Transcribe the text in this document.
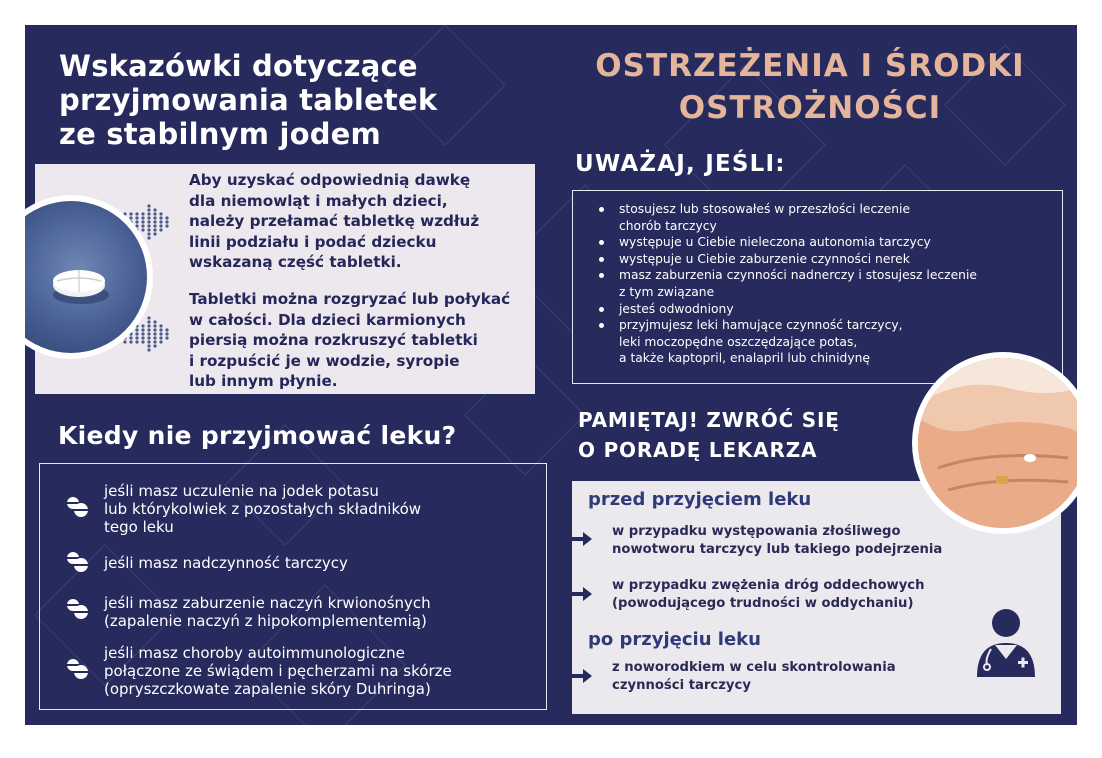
Wskazówki dotyczące
przyjmowania tabletek
ze stabilnym jodem
OSTRZEŻENIA I ŚRODKI
OSTROŻNOŚCI

Aby uzyskać odpowiednią dawkę
dla niemowląt i małych dzieci,
należy przełamać tabletkę wzdłuż
linii podziału i podać dziecku
wskazaną część tabletki.

Tabletki można rozgryzać lub połykać
w całości. Dla dzieci karmionych
piersią można rozkruszyć tabletki
i rozpuścić je w wodzie, syropie
lub innym płynie.

UWAŻAJ, JEŚLI:
stosujesz lub stosowałeś w przeszłości leczenie
chorób tarczycy
występuje u Ciebie nieleczona autonomia tarczycy
występuje u Ciebie zaburzenie czynności nerek
masz zaburzenia czynności nadnerczy i stosujesz leczenie
z tym związane
jesteś odwodniony
przyjmujesz leki hamujące czynność tarczycy,
leki moczopędne oszczędzające potas,
a także kaptopril, enalapril lub chinidynę
Kiedy nie przyjmować leku?

jeśli masz uczulenie na jodek potasu
lub którykolwiek z pozostałych składników
tego leku

jeśli masz nadczynność tarczycy

jeśli masz zaburzenie naczyń krwionośnych
(zapalenie naczyń z hipokomplementemią)

jeśli masz choroby autoimmunologiczne
połączone ze świądem i pęcherzami na skórze
(opryszczkowate zapalenie skóry Duhringa)

PAMIĘTAJ! ZWRÓĆ SIĘ
O PORADĘ LEKARZA
przed przyjęciem leku

w przypadku występowania złośliwego
nowotworu tarczycy lub takiego podejrzenia

w przypadku zwężenia dróg oddechowych
(powodującego trudności w oddychaniu)

po przyjęciu leku

z noworodkiem w celu skontrolowania
czynności tarczycy
